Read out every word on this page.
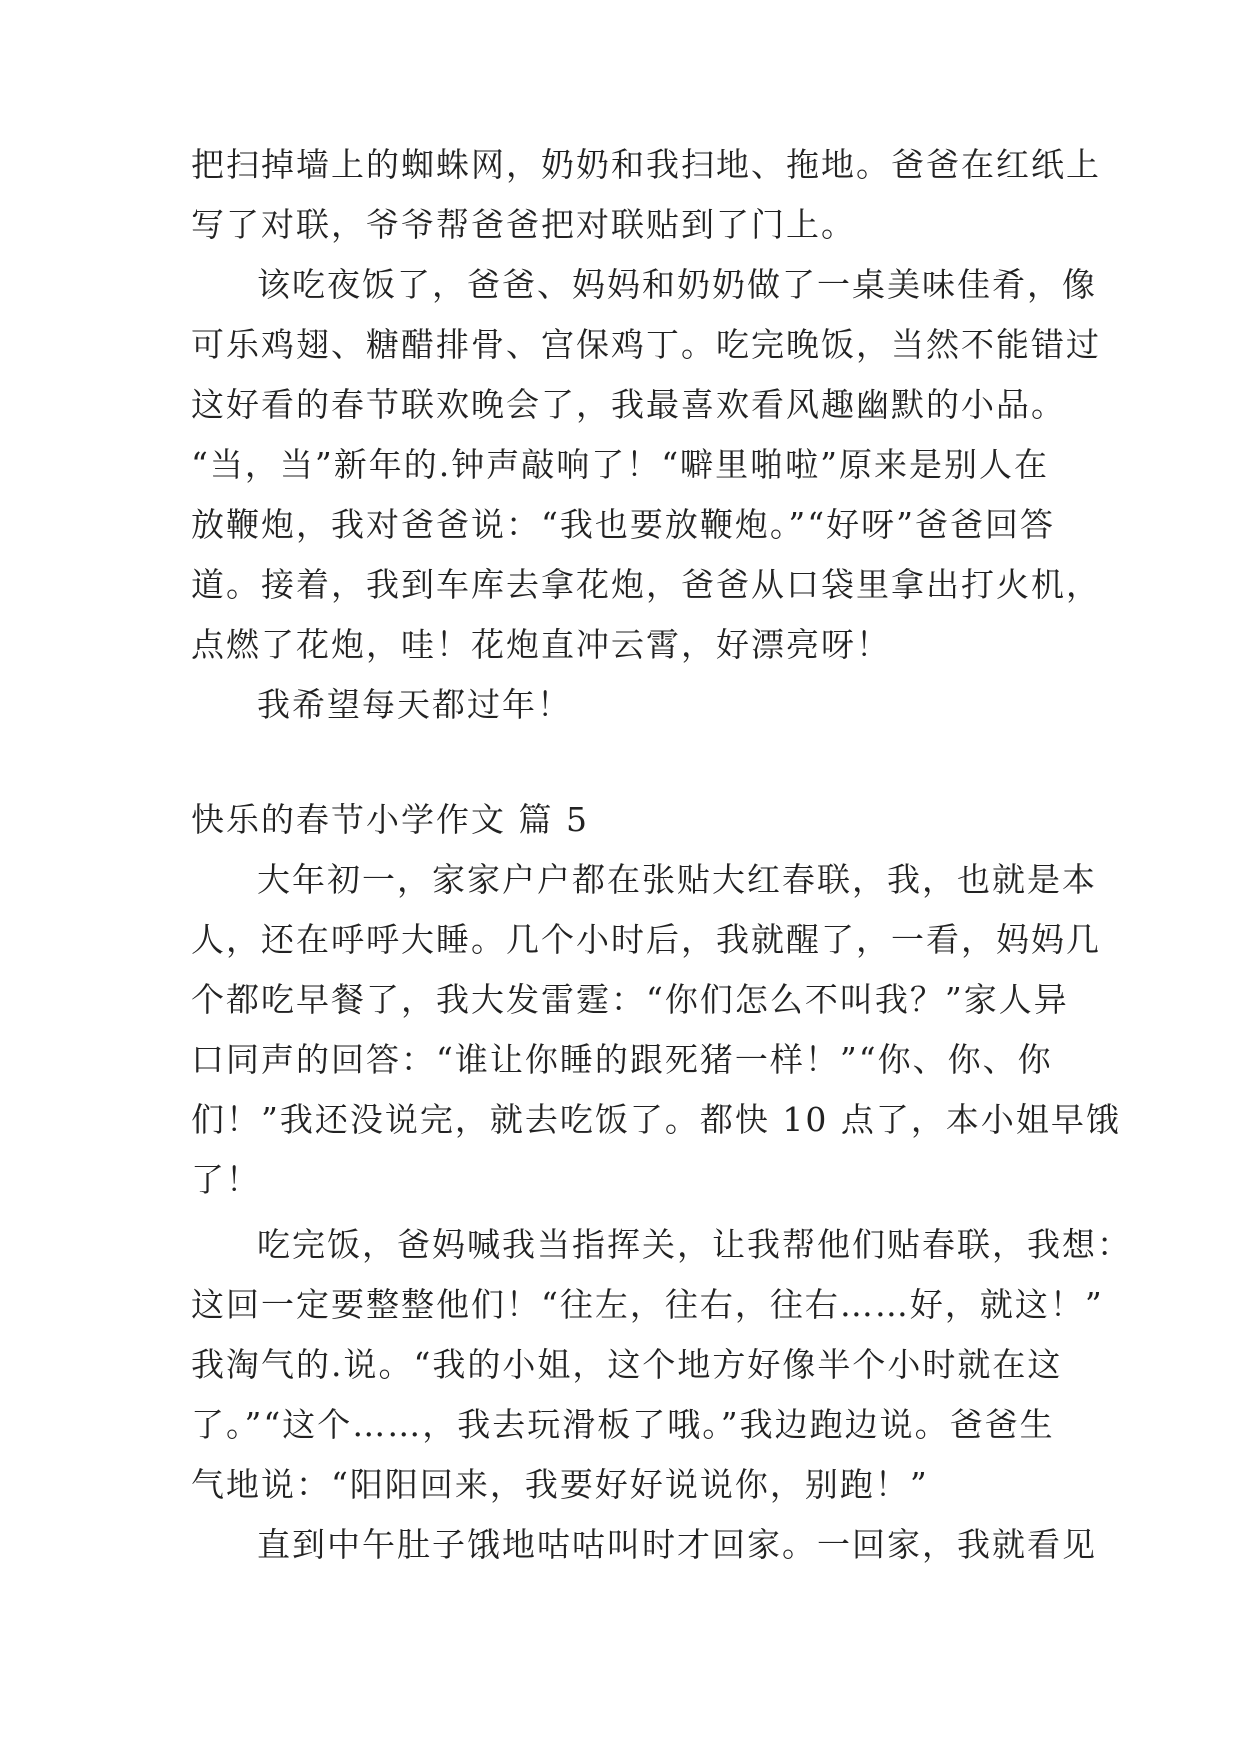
把扫掉墙上的蜘蛛网，奶奶和我扫地、拖地。爸爸在红纸上
写了对联，爷爷帮爸爸把对联贴到了门上。
该吃夜饭了，爸爸、妈妈和奶奶做了一桌美味佳肴，像
可乐鸡翅、糖醋排骨、宫保鸡丁。吃完晚饭，当然不能错过
这好看的春节联欢晚会了，我最喜欢看风趣幽默的小品。
“当，当”新年的.钟声敲响了！“噼里啪啦”原来是别人在
放鞭炮，我对爸爸说：“我也要放鞭炮。”“好呀”爸爸回答
道。接着，我到车库去拿花炮，爸爸从口袋里拿出打火机，
点燃了花炮，哇！花炮直冲云霄，好漂亮呀！
我希望每天都过年！
快乐的春节小学作文 篇 5
大年初一，家家户户都在张贴大红春联，我，也就是本
人，还在呼呼大睡。几个小时后，我就醒了，一看，妈妈几
个都吃早餐了，我大发雷霆：“你们怎么不叫我？”家人异
口同声的回答：“谁让你睡的跟死猪一样！”“你、你、你
们！”我还没说完，就去吃饭了。都快 10 点了，本小姐早饿
了！
吃完饭，爸妈喊我当指挥关，让我帮他们贴春联，我想：
这回一定要整整他们！“往左，往右，往右……好，就这！”
我淘气的.说。“我的小姐，这个地方好像半个小时就在这
了。”“这个……，我去玩滑板了哦。”我边跑边说。爸爸生
气地说：“阳阳回来，我要好好说说你，别跑！”
直到中午肚子饿地咕咕叫时才回家。一回家，我就看见
